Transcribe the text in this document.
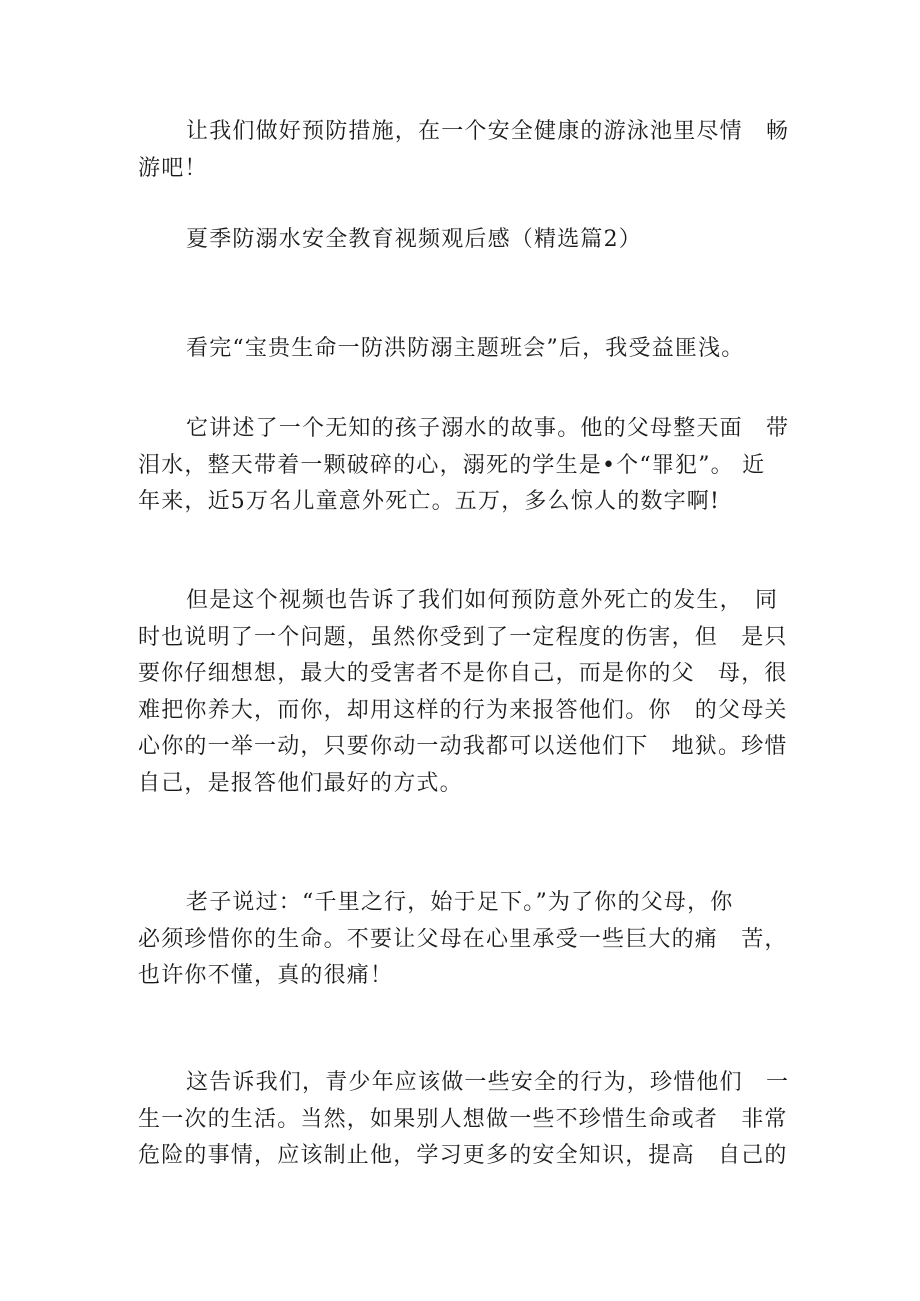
让我们做好预防措施，在一个安全健康的游泳池里尽情　畅
游吧！

夏季防溺水安全教育视频观后感（精选篇2）

看完“宝贵生命一防洪防溺主题班会”后，我受益匪浅。

它讲述了一个无知的孩子溺水的故事。他的父母整天面　带
泪水，整天带着一颗破碎的心，溺死的学生是•个“罪犯”。 近
年来，近5万名儿童意外死亡。五万，多么惊人的数字啊!

但是这个视频也告诉了我们如何预防意外死亡的发生，　同
时也说明了一个问题，虽然你受到了一定程度的伤害，但　是只
要你仔细想想，最大的受害者不是你自己，而是你的父　母，很
难把你养大，而你，却用这样的行为来报答他们。你　的父母关
心你的一举一动，只要你动一动我都可以送他们下　地狱。珍惜
自己，是报答他们最好的方式。

老子说过：“千里之行，始于足下。”为了你的父母，你
必须珍惜你的生命。不要让父母在心里承受一些巨大的痛　苦，
也许你不懂，真的很痛！

这告诉我们，青少年应该做一些安全的行为，珍惜他们　一
生一次的生活。当然，如果别人想做一些不珍惜生命或者　非常
危险的事情，应该制止他，学习更多的安全知识，提高　自己的
